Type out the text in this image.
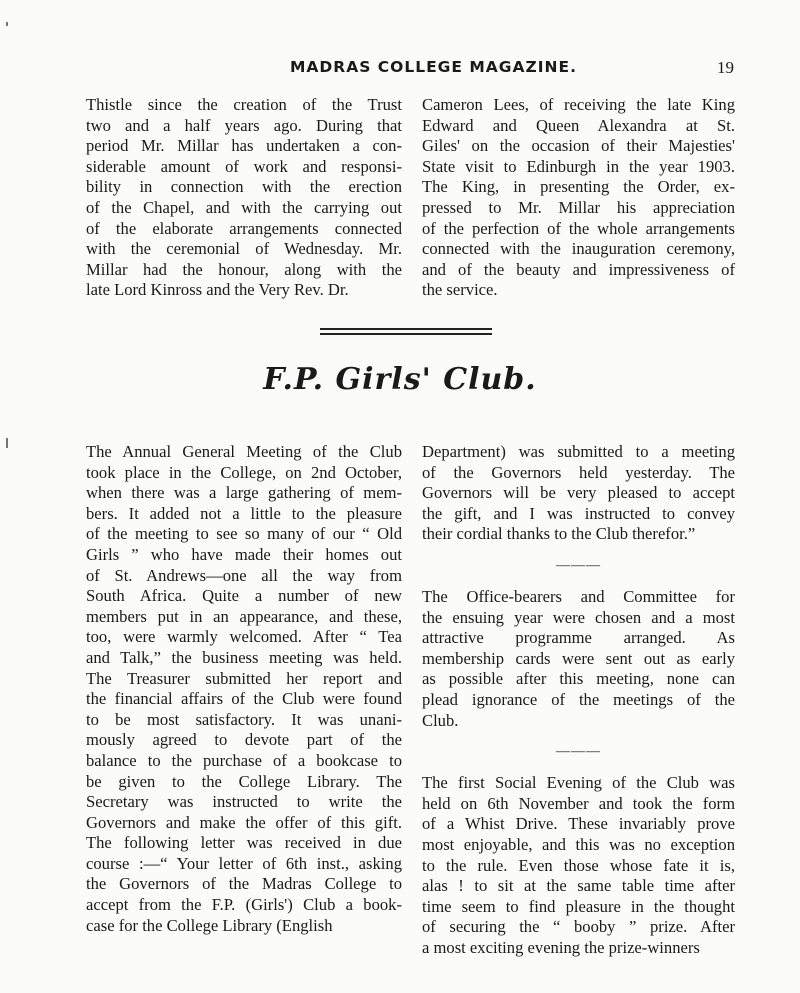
MADRAS COLLEGE MAGAZINE.	19

Thistle since the creation of the Trust
two and a half years ago. During that
period Mr. Millar has undertaken a con-
siderable amount of work and responsi-
bility in connection with the erection
of the Chapel, and with the carrying out
of the elaborate arrangements connected
with the ceremonial of Wednesday. Mr.
Millar had the honour, along with the
late Lord Kinross and the Very Rev. Dr.

Cameron Lees, of receiving the late King
Edward and Queen Alexandra at St.
Giles' on the occasion of their Majesties'
State visit to Edinburgh in the year 1903.
The King, in presenting the Order, ex-
pressed to Mr. Millar his appreciation
of the perfection of the whole arrangements
connected with the inauguration ceremony,
and of the beauty and impressiveness of
the service.

F.P. Girls' Club.

The Annual General Meeting of the Club
took place in the College, on 2nd October,
when there was a large gathering of mem-
bers. It added not a little to the pleasure
of the meeting to see so many of our “ Old
Girls ” who have made their homes out
of St. Andrews—one all the way from
South Africa. Quite a number of new
members put in an appearance, and these,
too, were warmly welcomed. After “ Tea
and Talk,” the business meeting was held.
The Treasurer submitted her report and
the financial affairs of the Club were found
to be most satisfactory. It was unani-
mously agreed to devote part of the
balance to the purchase of a bookcase to
be given to the College Library. The
Secretary was instructed to write the
Governors and make the offer of this gift.
The following letter was received in due
course :—“ Your letter of 6th inst., asking
the Governors of the Madras College to
accept from the F.P. (Girls') Club a book-
case for the College Library (English

Department) was submitted to a meeting
of the Governors held yesterday. The
Governors will be very pleased to accept
the gift, and I was instructed to convey
their cordial thanks to the Club therefor.”

———

The Office-bearers and Committee for
the ensuing year were chosen and a most
attractive programme arranged. As
membership cards were sent out as early
as possible after this meeting, none can
plead ignorance of the meetings of the
Club.

———

The first Social Evening of the Club was
held on 6th November and took the form
of a Whist Drive. These invariably prove
most enjoyable, and this was no exception
to the rule. Even those whose fate it is,
alas ! to sit at the same table time after
time seem to find pleasure in the thought
of securing the “ booby ” prize. After
a most exciting evening the prize-winners
